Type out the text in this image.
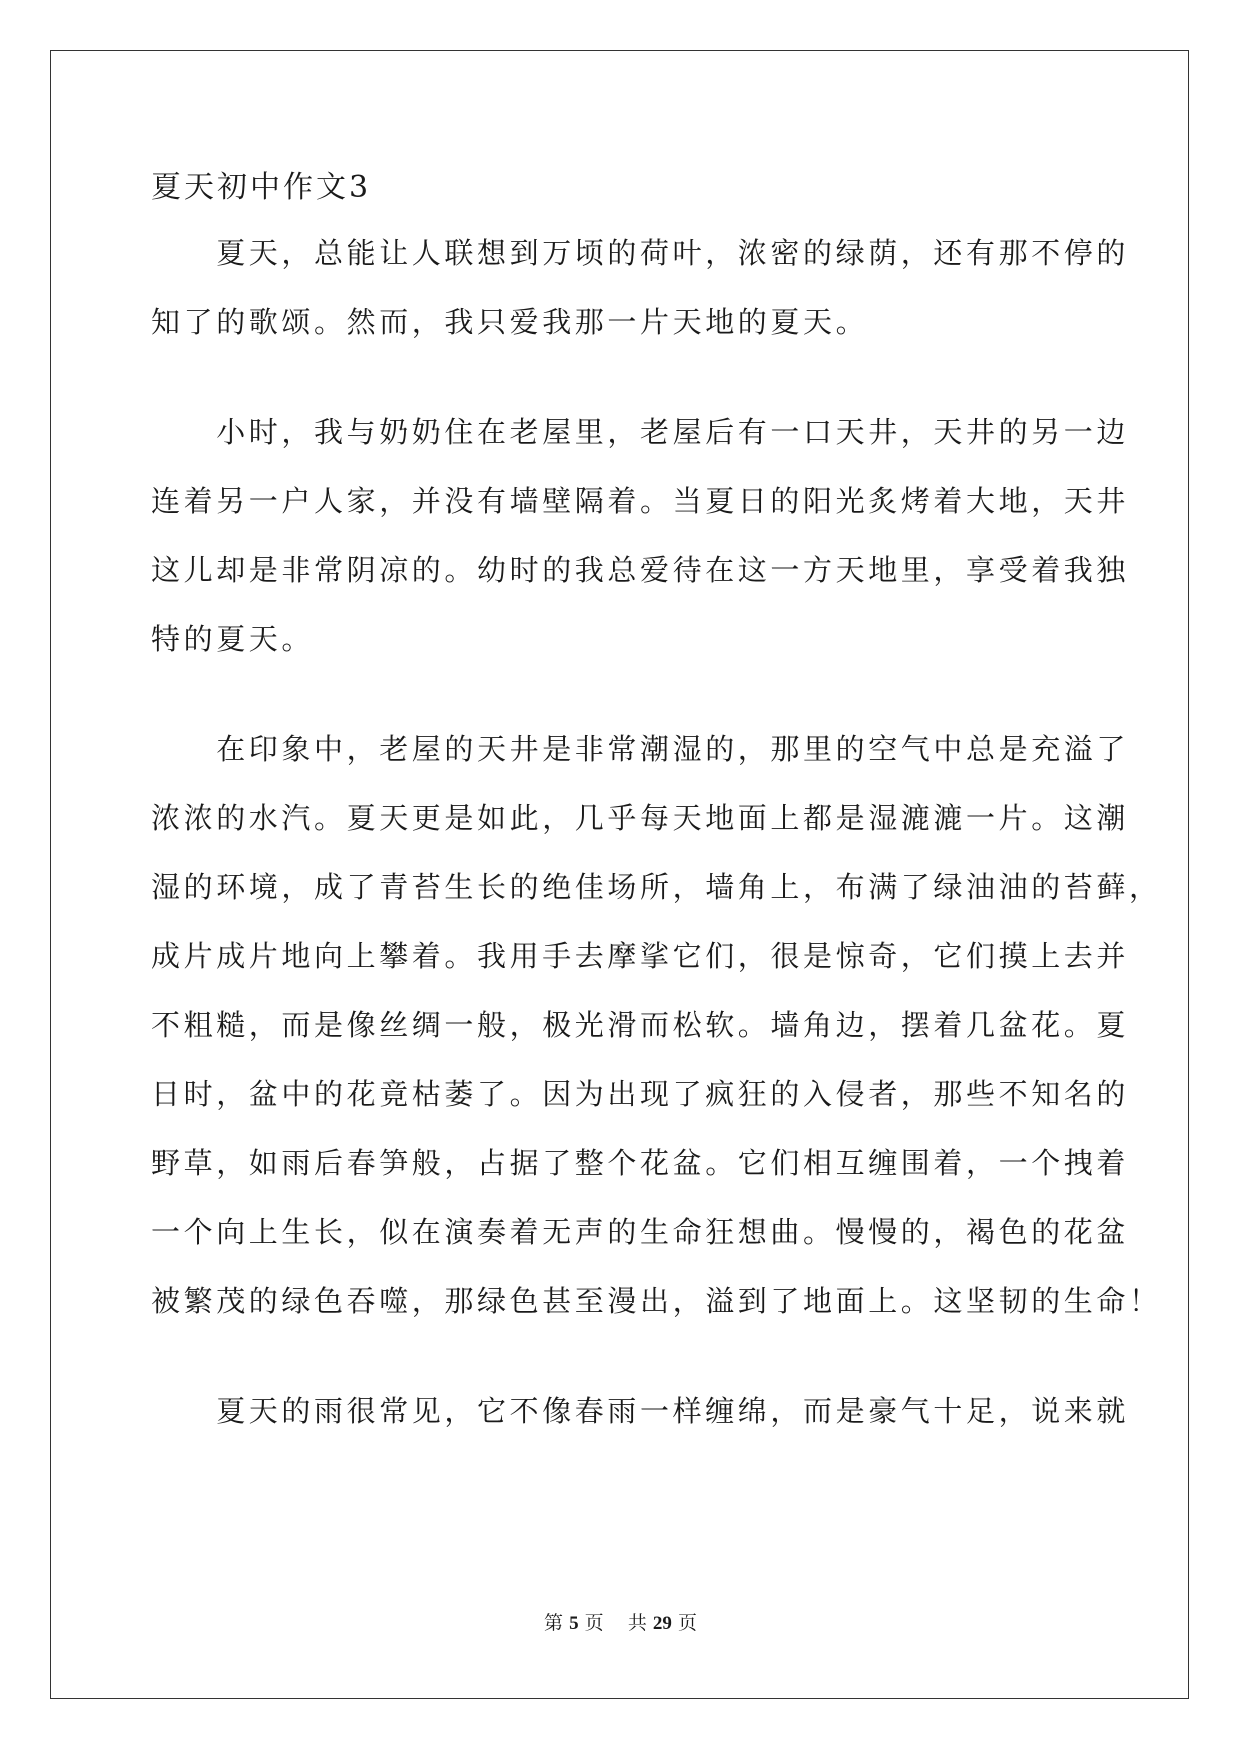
夏天初中作文3
　　夏天，总能让人联想到万顷的荷叶，浓密的绿荫，还有那不停的
知了的歌颂。然而，我只爱我那一片天地的夏天。
　　小时，我与奶奶住在老屋里，老屋后有一口天井，天井的另一边
连着另一户人家，并没有墙壁隔着。当夏日的阳光炙烤着大地，天井
这儿却是非常阴凉的。幼时的我总爱待在这一方天地里，享受着我独
特的夏天。
　　在印象中，老屋的天井是非常潮湿的，那里的空气中总是充溢了
浓浓的水汽。夏天更是如此，几乎每天地面上都是湿漉漉一片。这潮
湿的环境，成了青苔生长的绝佳场所，墙角上，布满了绿油油的苔藓，
成片成片地向上攀着。我用手去摩挲它们，很是惊奇，它们摸上去并
不粗糙，而是像丝绸一般，极光滑而松软。墙角边，摆着几盆花。夏
日时，盆中的花竟枯萎了。因为出现了疯狂的入侵者，那些不知名的
野草，如雨后春笋般，占据了整个花盆。它们相互缠围着，一个拽着
一个向上生长，似在演奏着无声的生命狂想曲。慢慢的，褐色的花盆
被繁茂的绿色吞噬，那绿色甚至漫出，溢到了地面上。这坚韧的生命！
　　夏天的雨很常见，它不像春雨一样缠绵，而是豪气十足，说来就
第 5 页 共 29 页
